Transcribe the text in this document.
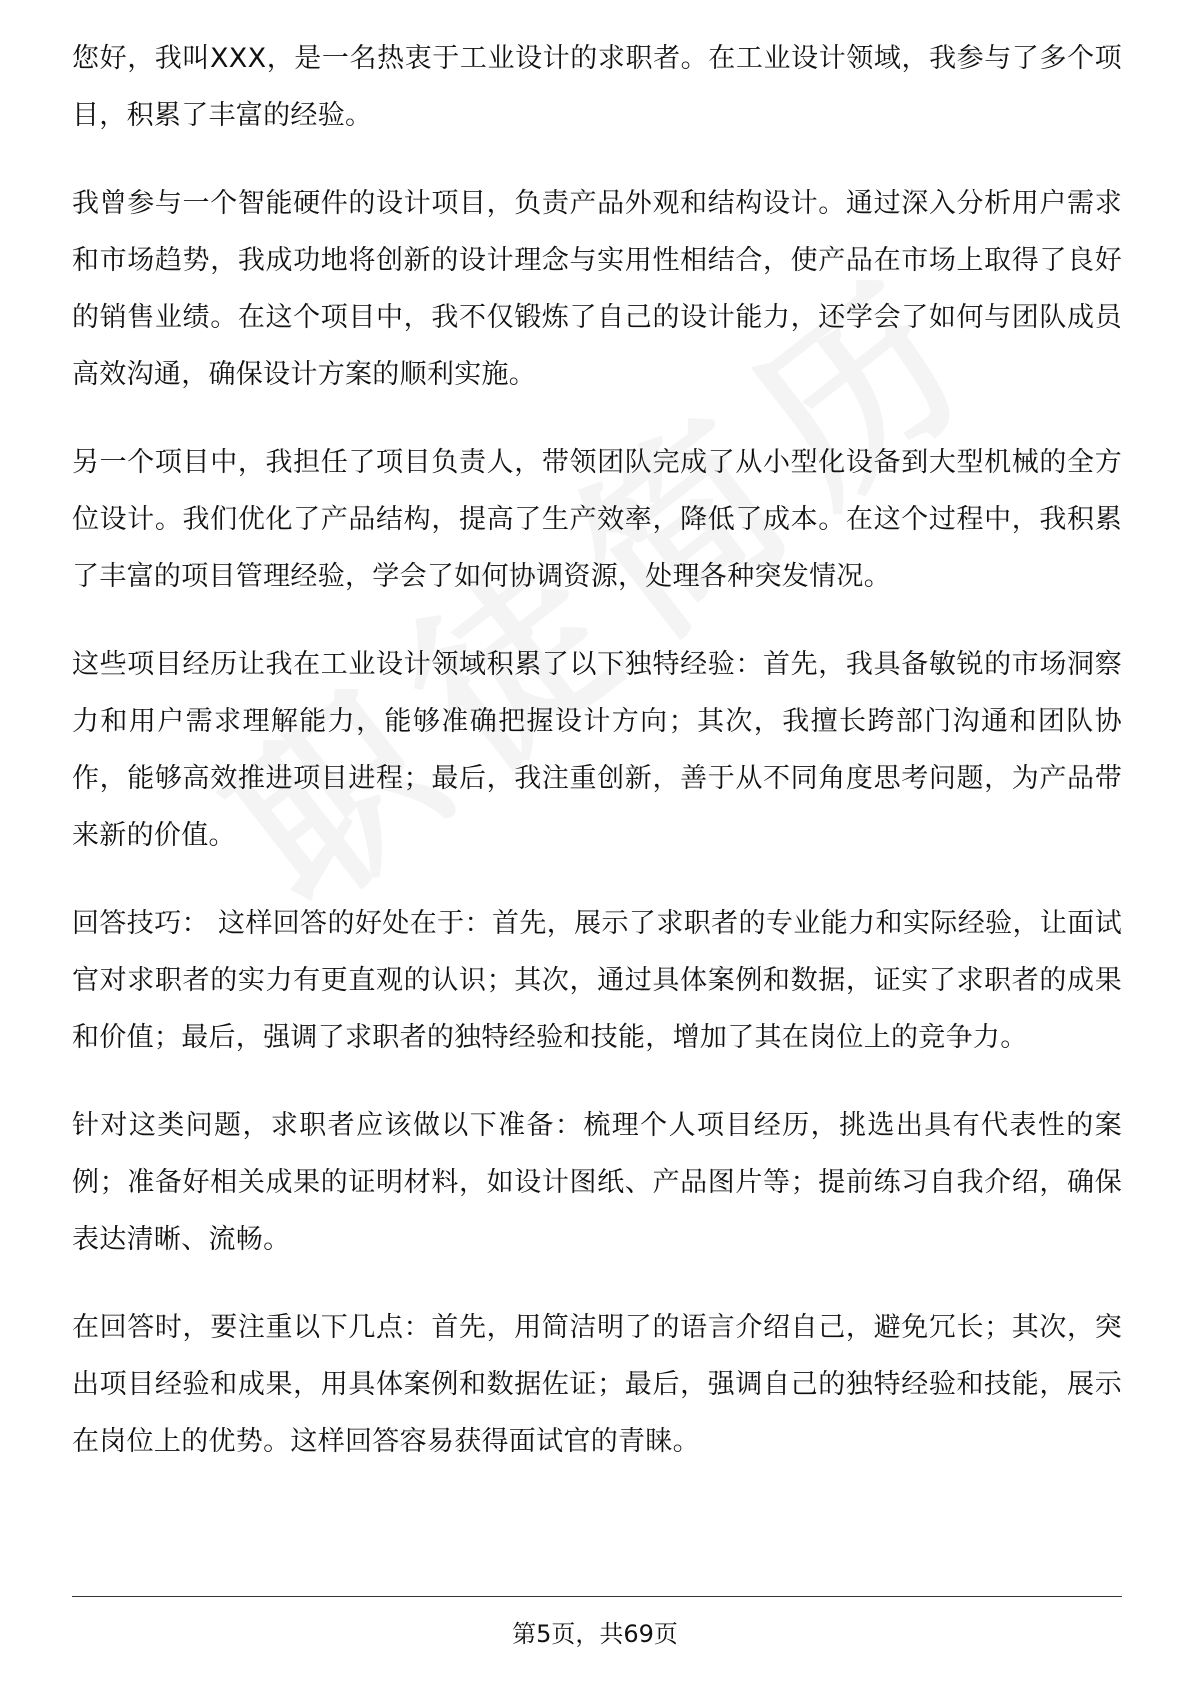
您好，我叫XXX，是一名热衷于工业设计的求职者。在工业设计领域，我参与了多个项目，积累了丰富的经验。

我曾参与一个智能硬件的设计项目，负责产品外观和结构设计。通过深入分析用户需求和市场趋势，我成功地将创新的设计理念与实用性相结合，使产品在市场上取得了良好的销售业绩。在这个项目中，我不仅锻炼了自己的设计能力，还学会了如何与团队成员高效沟通，确保设计方案的顺利实施。

另一个项目中，我担任了项目负责人，带领团队完成了从小型化设备到大型机械的全方位设计。我们优化了产品结构，提高了生产效率，降低了成本。在这个过程中，我积累了丰富的项目管理经验，学会了如何协调资源，处理各种突发情况。

这些项目经历让我在工业设计领域积累了以下独特经验：首先，我具备敏锐的市场洞察力和用户需求理解能力，能够准确把握设计方向；其次，我擅长跨部门沟通和团队协作，能够高效推进项目进程；最后，我注重创新，善于从不同角度思考问题，为产品带来新的价值。

回答技巧： 这样回答的好处在于：首先，展示了求职者的专业能力和实际经验，让面试官对求职者的实力有更直观的认识；其次，通过具体案例和数据，证实了求职者的成果和价值；最后，强调了求职者的独特经验和技能，增加了其在岗位上的竞争力。

针对这类问题，求职者应该做以下准备：梳理个人项目经历，挑选出具有代表性的案例；准备好相关成果的证明材料，如设计图纸、产品图片等；提前练习自我介绍，确保表达清晰、流畅。

在回答时，要注重以下几点：首先，用简洁明了的语言介绍自己，避免冗长；其次，突出项目经验和成果，用具体案例和数据佐证；最后，强调自己的独特经验和技能，展示在岗位上的优势。这样回答容易获得面试官的青睐。

第5页，共69页
